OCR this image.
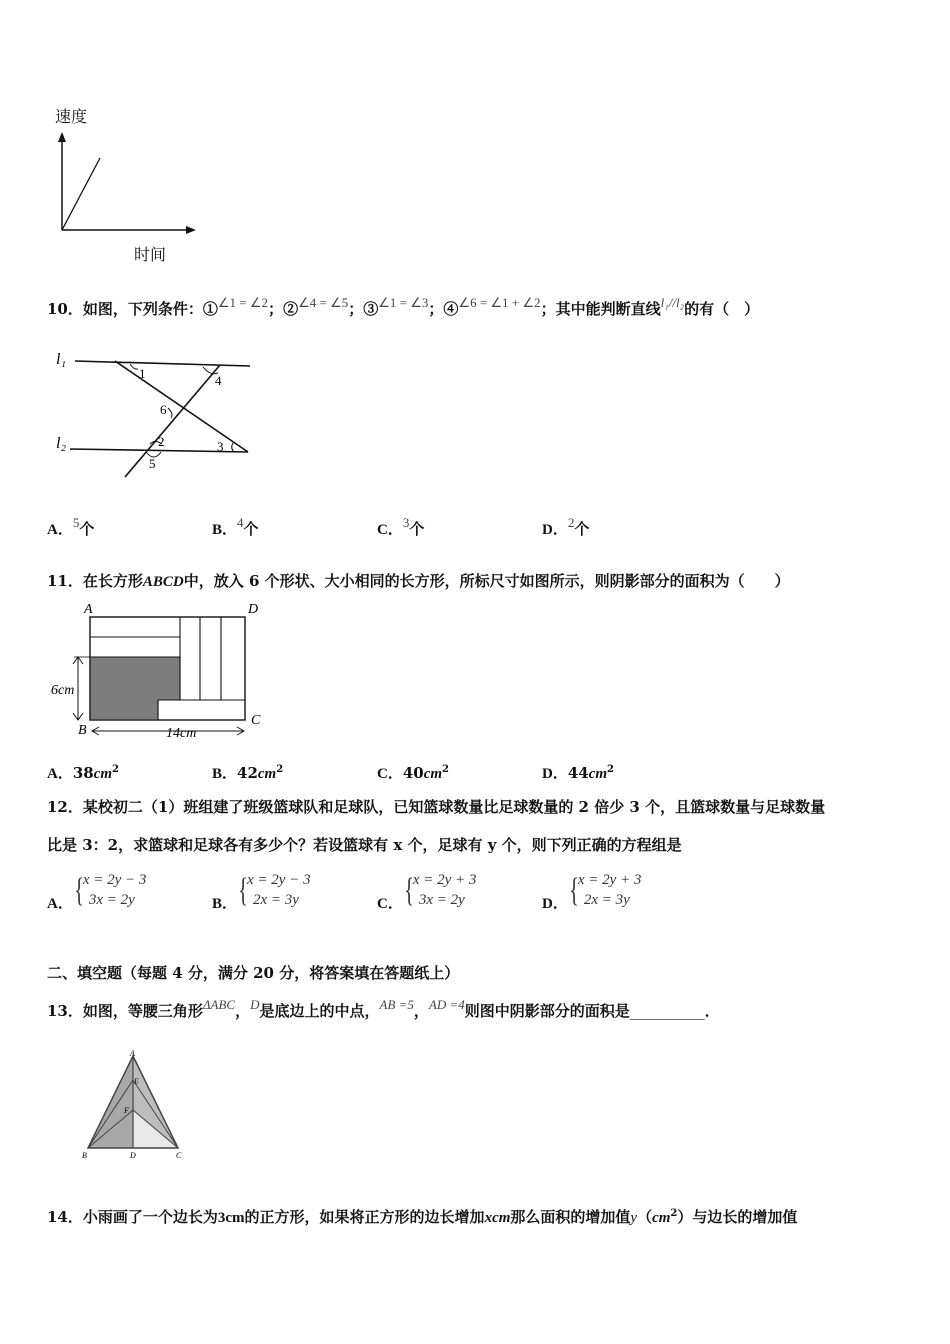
速度
时间
10．如图，下列条件：①∠1 = ∠2；②∠4 = ∠5；③∠1 = ∠3；④∠6 = ∠1 + ∠2；其中能判断直线l₁//l₂的有（　）
l₁
l₂
1	4
6
2	3
5
A．5个	B．4个	C．3个	D．2个
11．在长方形ABCD中，放入 6 个形状、大小相同的长方形，所标尺寸如图所示，则阴影部分的面积为（　　）
A	D
B
C
6cm
14cm
A．$38cm^2$	B．$42cm^2$	C．$40cm^2$	D．$44cm^2$
12．某校初二（1）班组建了班级篮球队和足球队，已知篮球数量比足球数量的 2 倍少 3 个，且篮球数量与足球数量
比是 3：2，求篮球和足球各有多少个？若设篮球有 x 个，足球有 y 个，则下列正确的方程组是
A．{ x = 2y − 3
3x = 2y	B．{ x = 2y − 3
2x = 3y	C．{ x = 2y + 3
3x = 2y	D．{ x = 2y + 3
2x = 3y
二、填空题（每题 4 分，满分 20 分，将答案填在答题纸上）
13．如图，等腰三角形ΔABC，D是底边上的中点，AB =5，AD =4则图中阴影部分的面积是__________．
A
E
F
B	D	C
14．小雨画了一个边长为3cm的正方形，如果将正方形的边长增加xcm那么面积的增加值$y(cm^2)$与边长的增加值
